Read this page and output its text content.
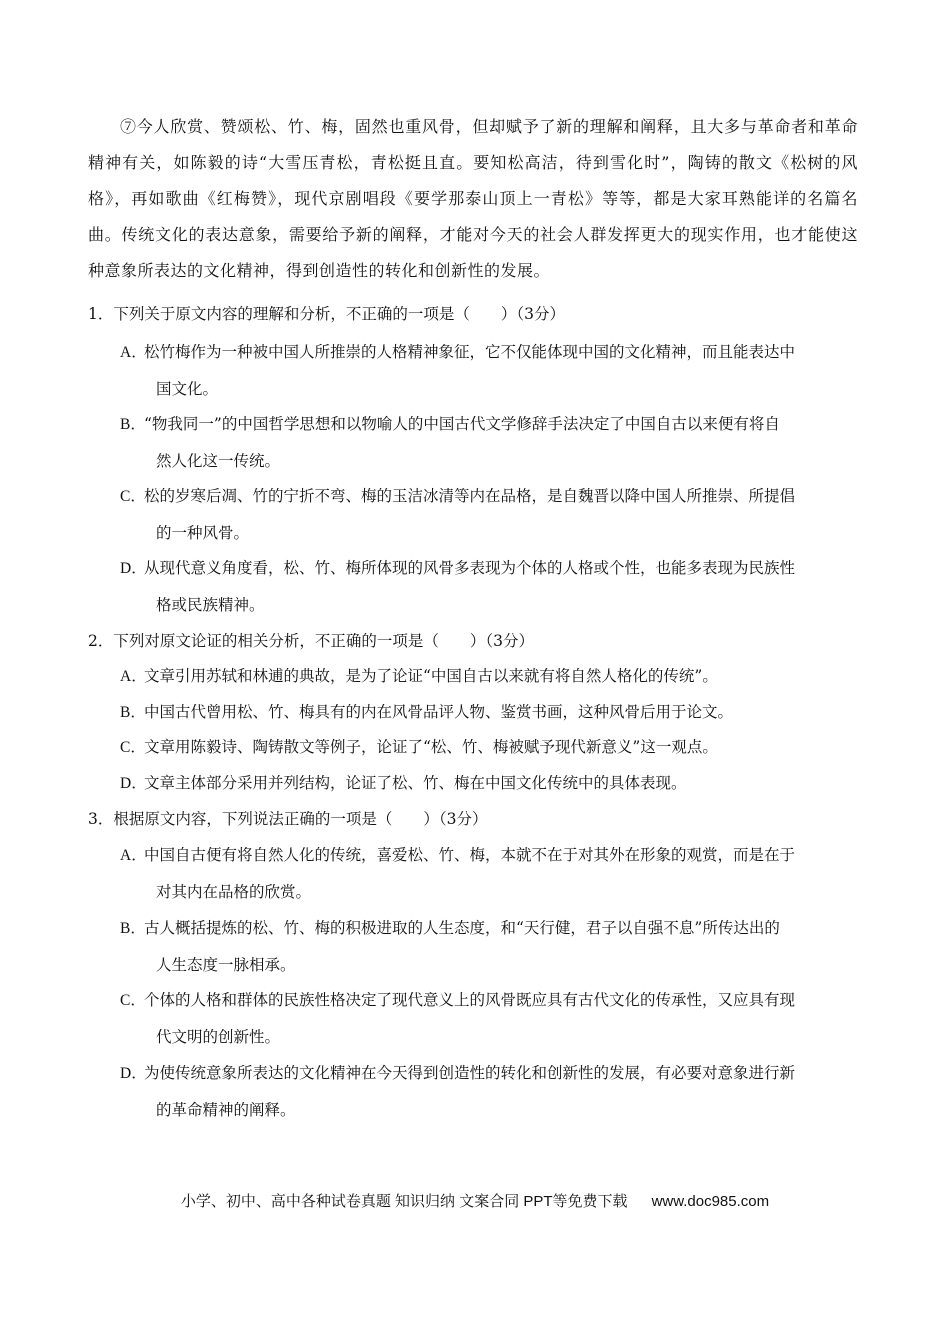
⑦今人欣赏、赞颂松、竹、梅，固然也重风骨，但却赋予了新的理解和阐释，且大多与革命者和革命精神有关，如陈毅的诗“大雪压青松，青松挺且直。要知松高洁，待到雪化时”，陶铸的散文《松树的风格》，再如歌曲《红梅赞》，现代京剧唱段《要学那泰山顶上一青松》等等，都是大家耳熟能详的名篇名曲。传统文化的表达意象，需要给予新的阐释，才能对今天的社会人群发挥更大的现实作用，也才能使这种意象所表达的文化精神，得到创造性的转化和创新性的发展。

1．下列关于原文内容的理解和分析，不正确的一项是（　　）（3分）

A．松竹梅作为一种被中国人所推崇的人格精神象征，它不仅能体现中国的文化精神，而且能表达中
国文化。
B．“物我同一”的中国哲学思想和以物喻人的中国古代文学修辞手法决定了中国自古以来便有将自
然人化这一传统。
C．松的岁寒后凋、竹的宁折不弯、梅的玉洁冰清等内在品格，是自魏晋以降中国人所推崇、所提倡
的一种风骨。
D．从现代意义角度看，松、竹、梅所体现的风骨多表现为个体的人格或个性，也能多表现为民族性
格或民族精神。

2．下列对原文论证的相关分析，不正确的一项是（　　）（3分）

A．文章引用苏轼和林逋的典故，是为了论证“中国自古以来就有将自然人格化的传统”。
B．中国古代曾用松、竹、梅具有的内在风骨品评人物、鉴赏书画，这种风骨后用于论文。
C．文章用陈毅诗、陶铸散文等例子，论证了“松、竹、梅被赋予现代新意义”这一观点。
D．文章主体部分采用并列结构，论证了松、竹、梅在中国文化传统中的具体表现。

3．根据原文内容，下列说法正确的一项是（　　）（3分）

A．中国自古便有将自然人化的传统，喜爱松、竹、梅，本就不在于对其外在形象的观赏，而是在于
对其内在品格的欣赏。
B．古人概括提炼的松、竹、梅的积极进取的人生态度，和“天行健，君子以自强不息”所传达出的
人生态度一脉相承。
C．个体的人格和群体的民族性格决定了现代意义上的风骨既应具有古代文化的传承性，又应具有现
代文明的创新性。
D．为使传统意象所表达的文化精神在今天得到创造性的转化和创新性的发展，有必要对意象进行新
的革命精神的阐释。
小学、初中、高中各种试卷真题 知识归纳 文案合同 PPT等免费下载 www.doc985.com
